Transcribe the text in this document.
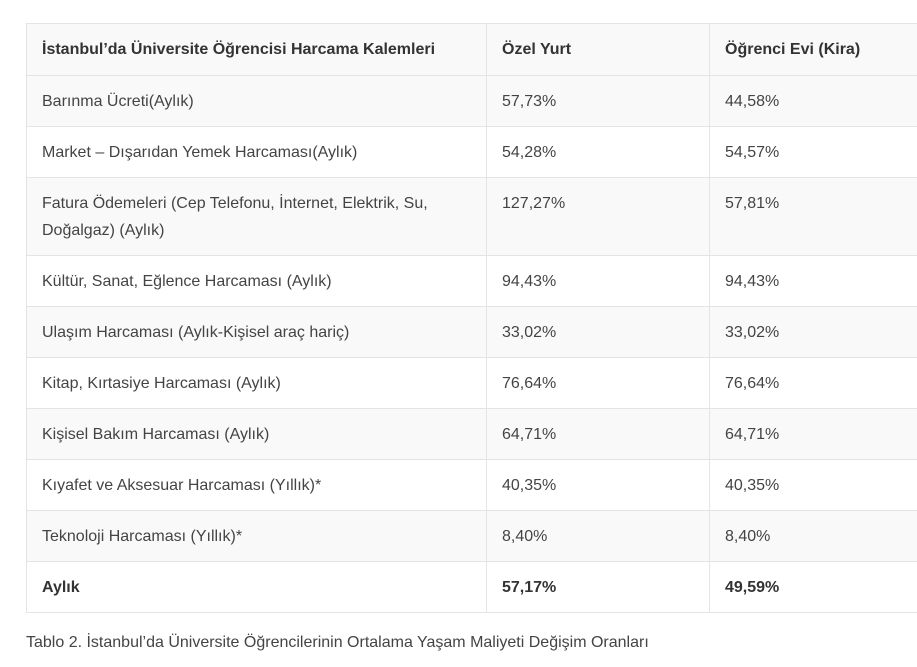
İstanbul’da Üniversite Öğrencisi Harcama Kalemleri	Özel Yurt	Öğrenci Evi (Kira)
Barınma Ücreti(Aylık)	57,73%	44,58%
Market – Dışarıdan Yemek Harcaması(Aylık)	54,28%	54,57%
Fatura Ödemeleri (Cep Telefonu, İnternet, Elektrik, Su, Doğalgaz) (Aylık)	127,27%	57,81%
Kültür, Sanat, Eğlence Harcaması (Aylık)	94,43%	94,43%
Ulaşım Harcaması (Aylık-Kişisel araç hariç)	33,02%	33,02%
Kitap, Kırtasiye Harcaması (Aylık)	76,64%	76,64%
Kişisel Bakım Harcaması (Aylık)	64,71%	64,71%
Kıyafet ve Aksesuar Harcaması (Yıllık)*	40,35%	40,35%
Teknoloji Harcaması (Yıllık)*	8,40%	8,40%
Aylık	57,17%	49,59%
Tablo 2. İstanbul’da Üniversite Öğrencilerinin Ortalama Yaşam Maliyeti Değişim Oranları
